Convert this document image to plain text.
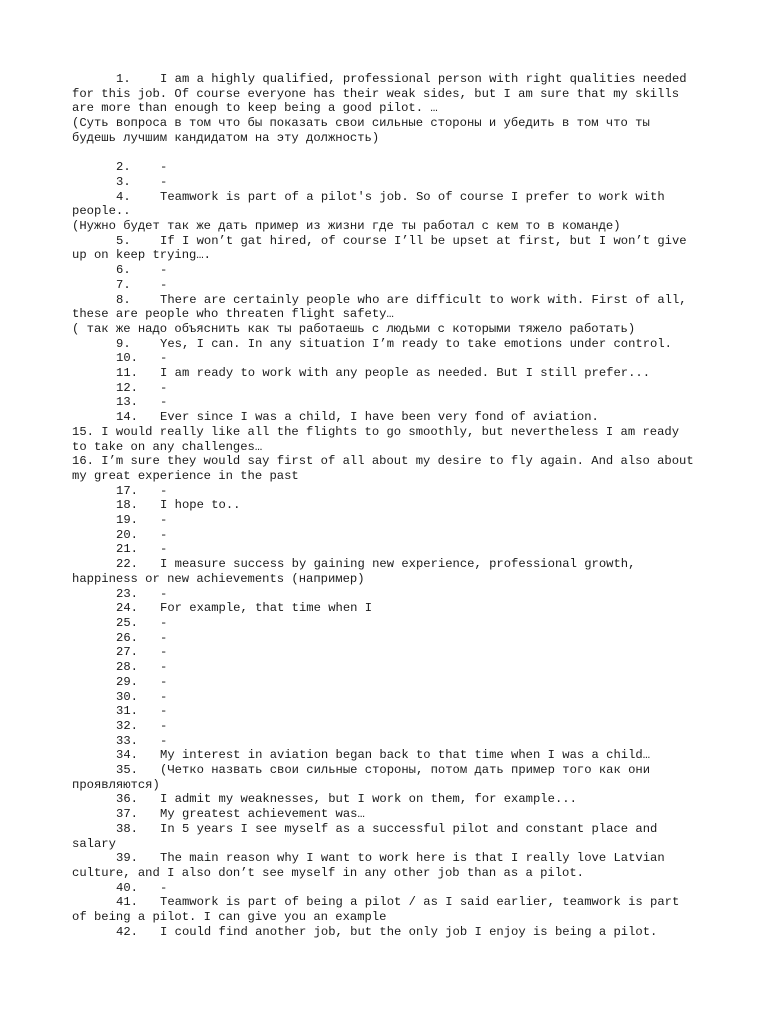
1. I am a highly qualified, professional person with right qualities needed for this job. Of course everyone has their weak sides, but I am sure that my skills are more than enough to keep being a good pilot. …
(Суть вопроса в том что бы показать свои сильные стороны и убедить в том что ты будешь лучшим кандидатом на эту должность)
2. -
3. -
4. Teamwork is part of a pilot's job. So of course I prefer to work with people..
(Нужно будет так же дать пример из жизни где ты работал с кем то в команде)
5. If I won’t gat hired, of course I’ll be upset at first, but I won’t give up on keep trying….
6. -
7. -
8. There are certainly people who are difficult to work with. First of all, these are people who threaten flight safety…
( так же надо объяснить как ты работаешь с людьми с которыми тяжело работать)
9. Yes, I can. In any situation I’m ready to take emotions under control.
10. -
11. I am ready to work with any people as needed. But I still prefer...
12. -
13. -
14. Ever since I was a child, I have been very fond of aviation.
15. I would really like all the flights to go smoothly, but nevertheless I am ready to take on any challenges…
16. I’m sure they would say first of all about my desire to fly again. And also about my great experience in the past
17. -
18. I hope to..
19. -
20. -
21. -
22. I measure success by gaining new experience, professional growth, happiness or new achievements (например)
23. -
24. For example, that time when I
25. -
26. -
27. -
28. -
29. -
30. -
31. -
32. -
33. -
34. My interest in aviation began back to that time when I was a child…
35. (Четко назвать свои сильные стороны, потом дать пример того как они проявляются)
36. I admit my weaknesses, but I work on them, for example...
37. My greatest achievement was…
38. In 5 years I see myself as a successful pilot and constant place and salary
39. The main reason why I want to work here is that I really love Latvian culture, and I also don’t see myself in any other job than as a pilot.
40. -
41. Teamwork is part of being a pilot / as I said earlier, teamwork is part of being a pilot. I can give you an example
42. I could find another job, but the only job I enjoy is being a pilot.
